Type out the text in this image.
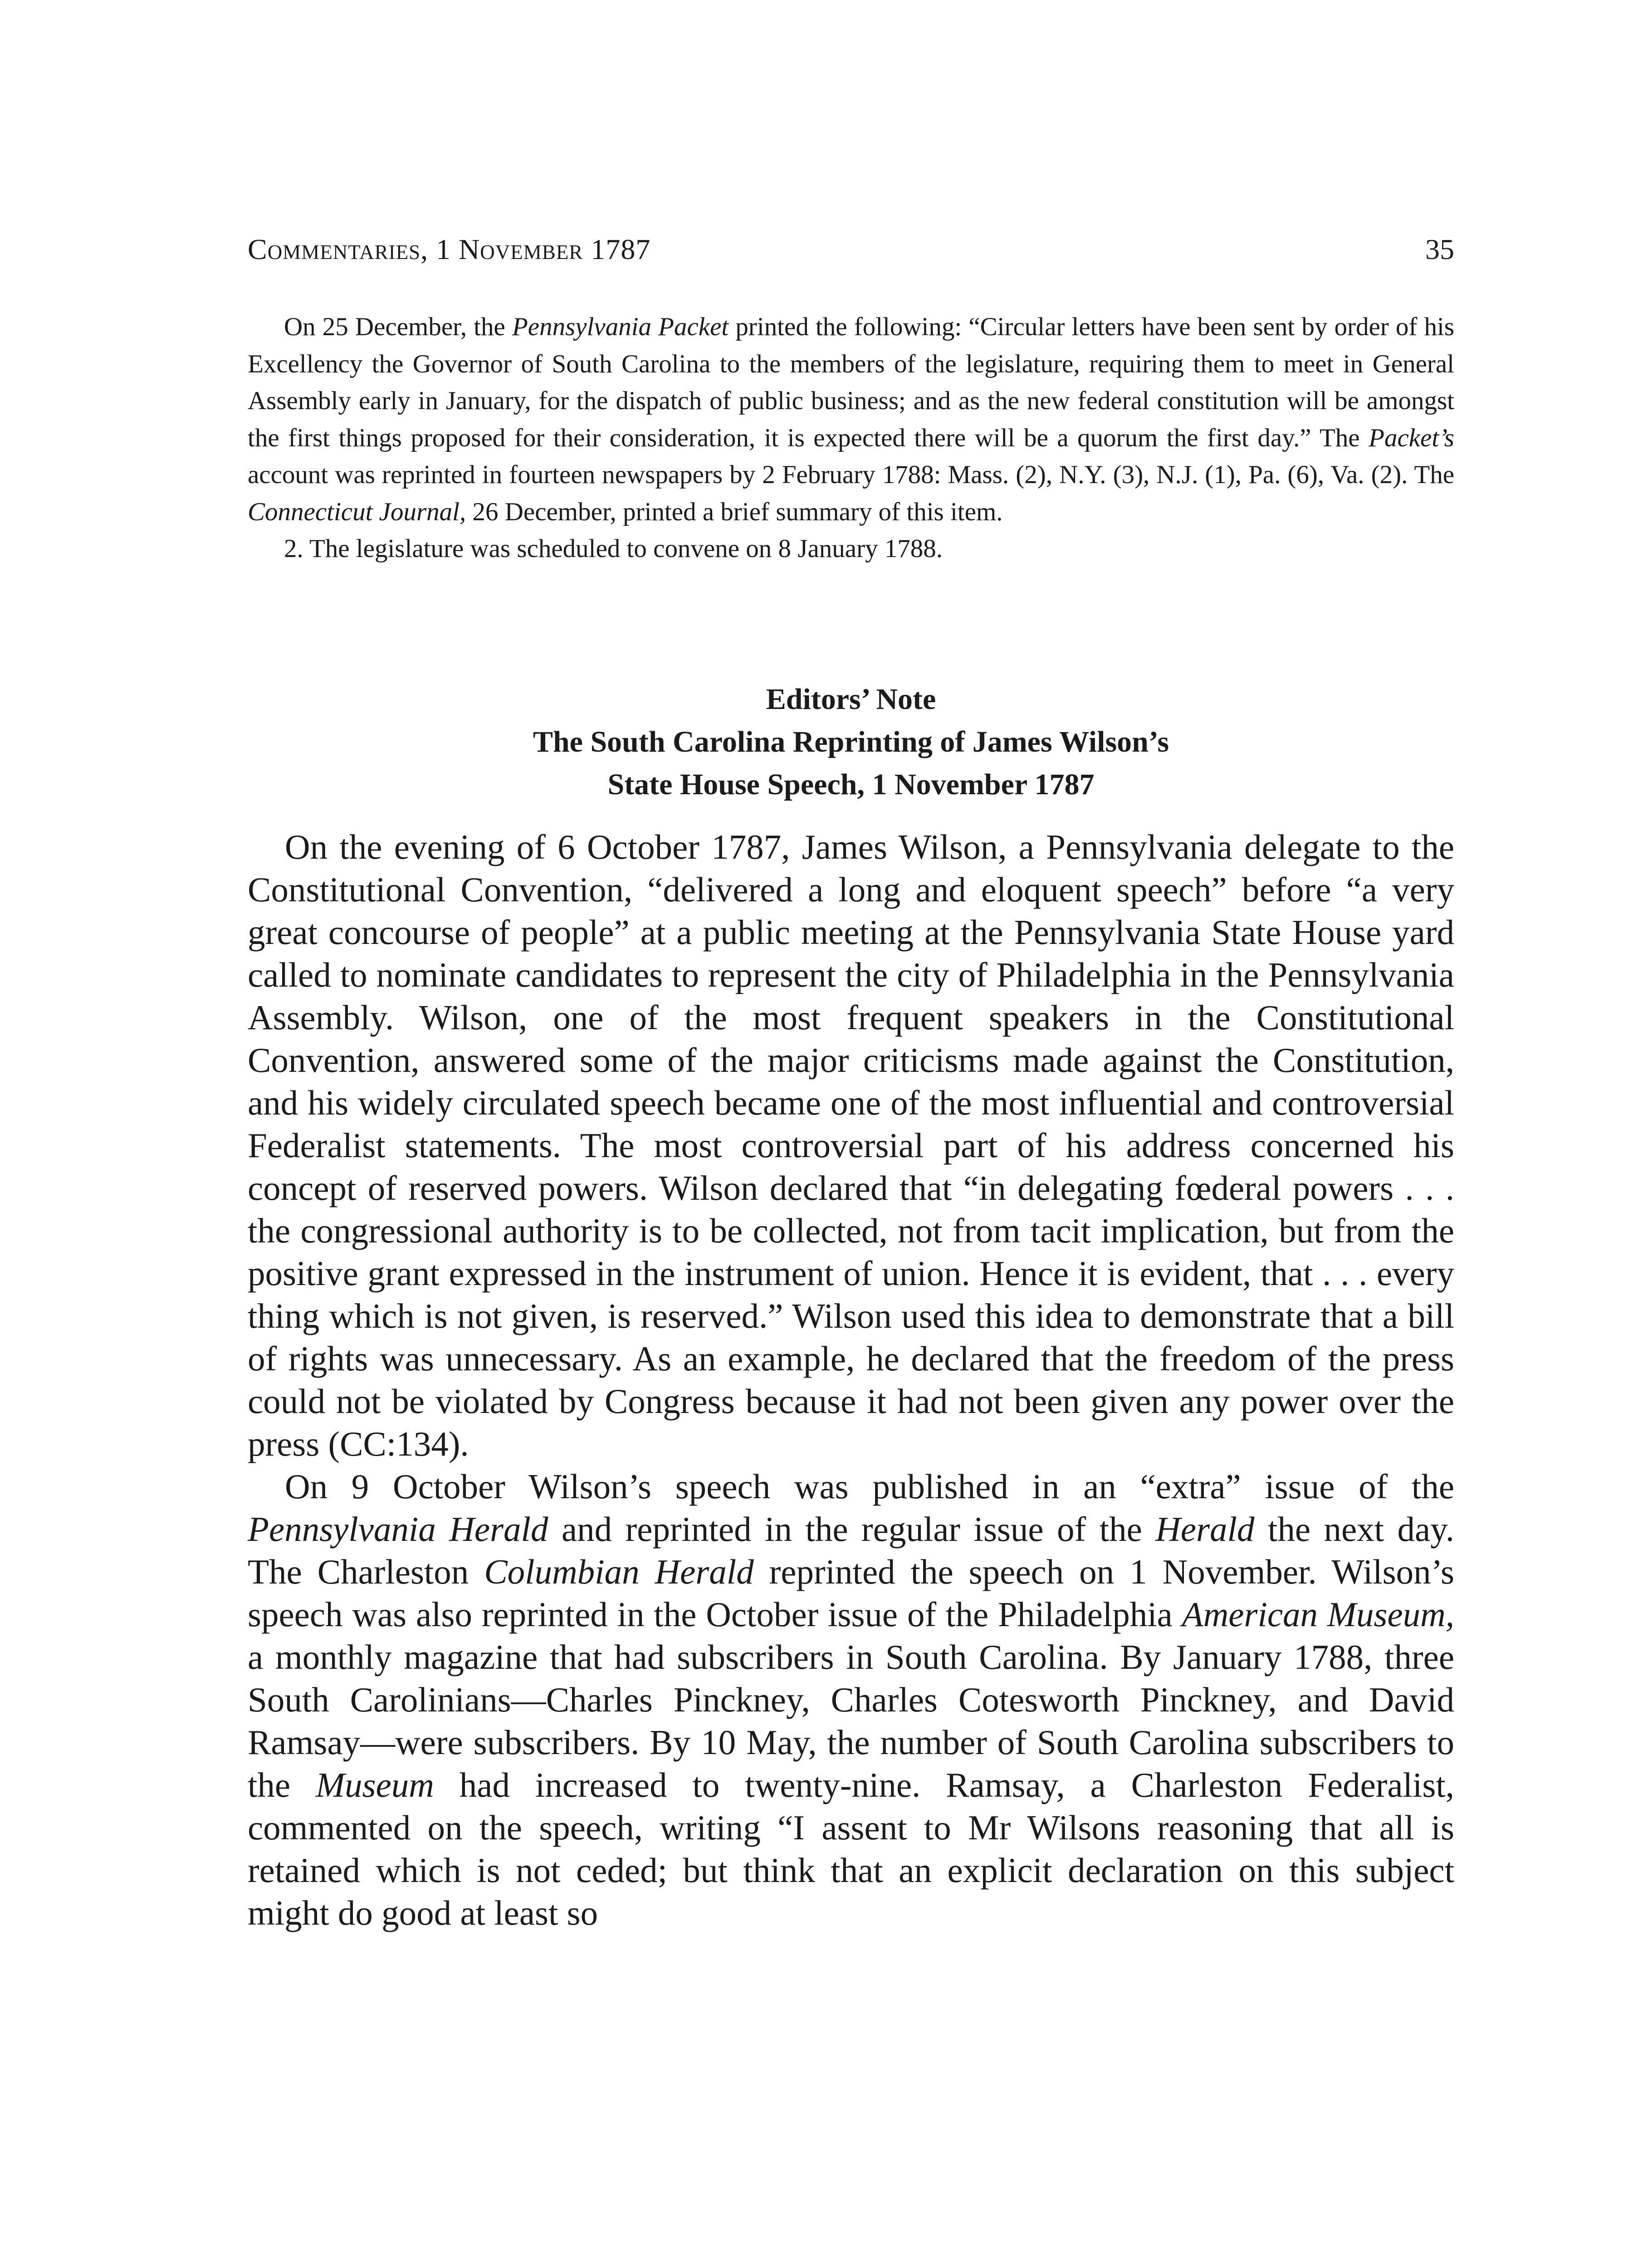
Commentaries, 1 November 1787	35

On 25 December, the Pennsylvania Packet printed the following: “Circular letters have been sent by order of his Excellency the Governor of South Carolina to the members of the legislature, requiring them to meet in General Assembly early in January, for the dispatch of public business; and as the new federal constitution will be amongst the first things proposed for their consideration, it is expected there will be a quorum the first day.” The Packet’s account was reprinted in fourteen newspapers by 2 February 1788: Mass. (2), N.Y. (3), N.J. (1), Pa. (6), Va. (2). The Connecticut Journal, 26 December, printed a brief summary of this item.

2. The legislature was scheduled to convene on 8 January 1788.

Editors’ Note
The South Carolina Reprinting of James Wilson’s
State House Speech, 1 November 1787

On the evening of 6 October 1787, James Wilson, a Pennsylvania delegate to the Constitutional Convention, “delivered a long and eloquent speech” before “a very great concourse of people” at a public meeting at the Pennsylvania State House yard called to nominate candidates to represent the city of Philadelphia in the Pennsylvania Assembly. Wilson, one of the most frequent speakers in the Constitutional Convention, answered some of the major criticisms made against the Constitution, and his widely circulated speech became one of the most influential and controversial Federalist statements. The most controversial part of his address concerned his concept of reserved powers. Wilson declared that “in delegating fœderal powers . . . the congressional authority is to be collected, not from tacit implication, but from the positive grant expressed in the instrument of union. Hence it is evident, that . . . every thing which is not given, is reserved.” Wilson used this idea to demonstrate that a bill of rights was unnecessary. As an example, he declared that the freedom of the press could not be violated by Congress because it had not been given any power over the press (CC:134).

On 9 October Wilson’s speech was published in an “extra” issue of the Pennsylvania Herald and reprinted in the regular issue of the Herald the next day. The Charleston Columbian Herald reprinted the speech on 1 November. Wilson’s speech was also reprinted in the October issue of the Philadelphia American Museum, a monthly magazine that had subscribers in South Carolina. By January 1788, three South Carolinians—Charles Pinckney, Charles Cotesworth Pinckney, and David Ramsay—were subscribers. By 10 May, the number of South Carolina subscribers to the Museum had increased to twenty-nine. Ramsay, a Charleston Federalist, commented on the speech, writing “I assent to Mr Wilsons reasoning that all is retained which is not ceded; but think that an explicit declaration on this subject might do good at least so
